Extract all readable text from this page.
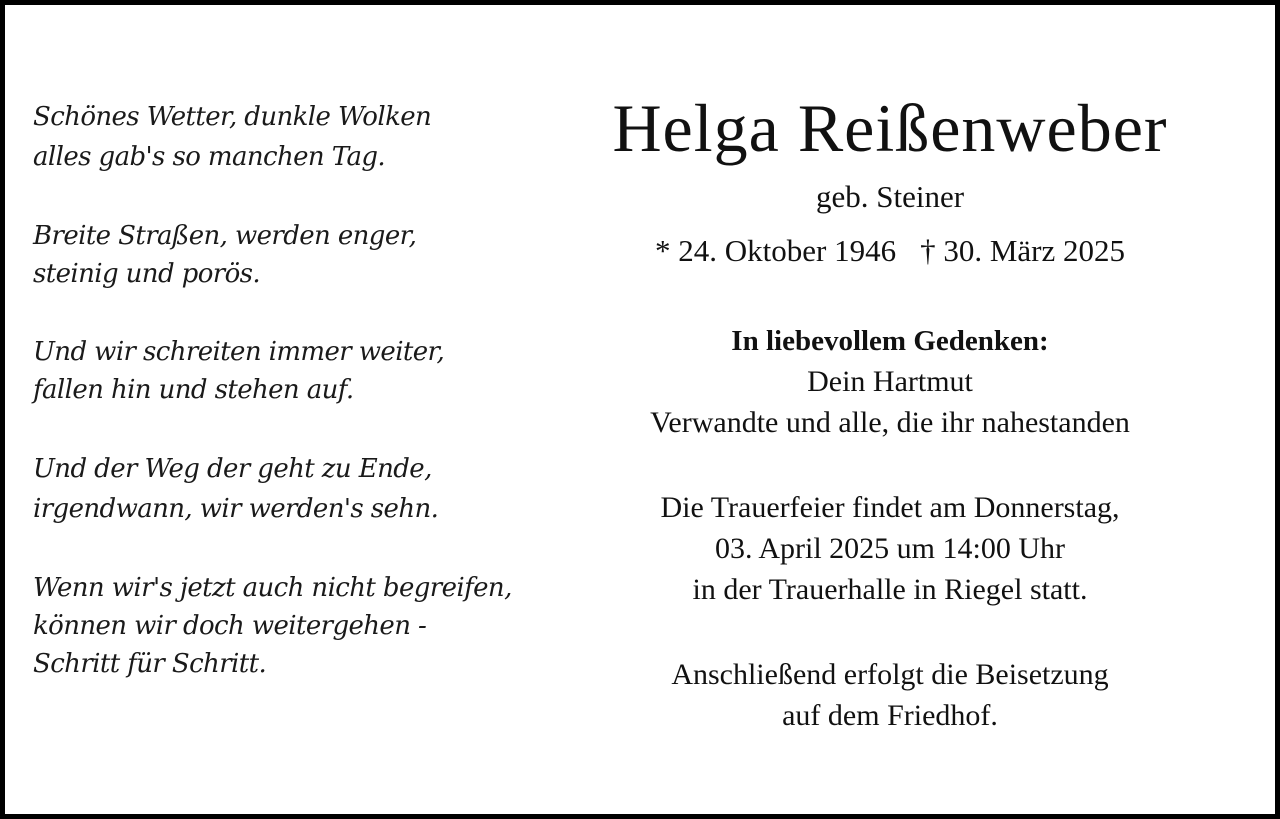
Schönes Wetter, dunkle Wolken
alles gab's so manchen Tag.
Breite Straßen, werden enger,
steinig und porös.
Und wir schreiten immer weiter,
fallen hin und stehen auf.
Und der Weg der geht zu Ende,
irgendwann, wir werden's sehn.
Wenn wir's jetzt auch nicht begreifen,
können wir doch weitergehen -
Schritt für Schritt.
Helga Reißenweber
geb. Steiner
* 24. Oktober 1946 † 30. März 2025
In liebevollem Gedenken:
Dein Hartmut
Verwandte und alle, die ihr nahestanden
Die Trauerfeier findet am Donnerstag,
03. April 2025 um 14:00 Uhr
in der Trauerhalle in Riegel statt.
Anschließend erfolgt die Beisetzung
auf dem Friedhof.
